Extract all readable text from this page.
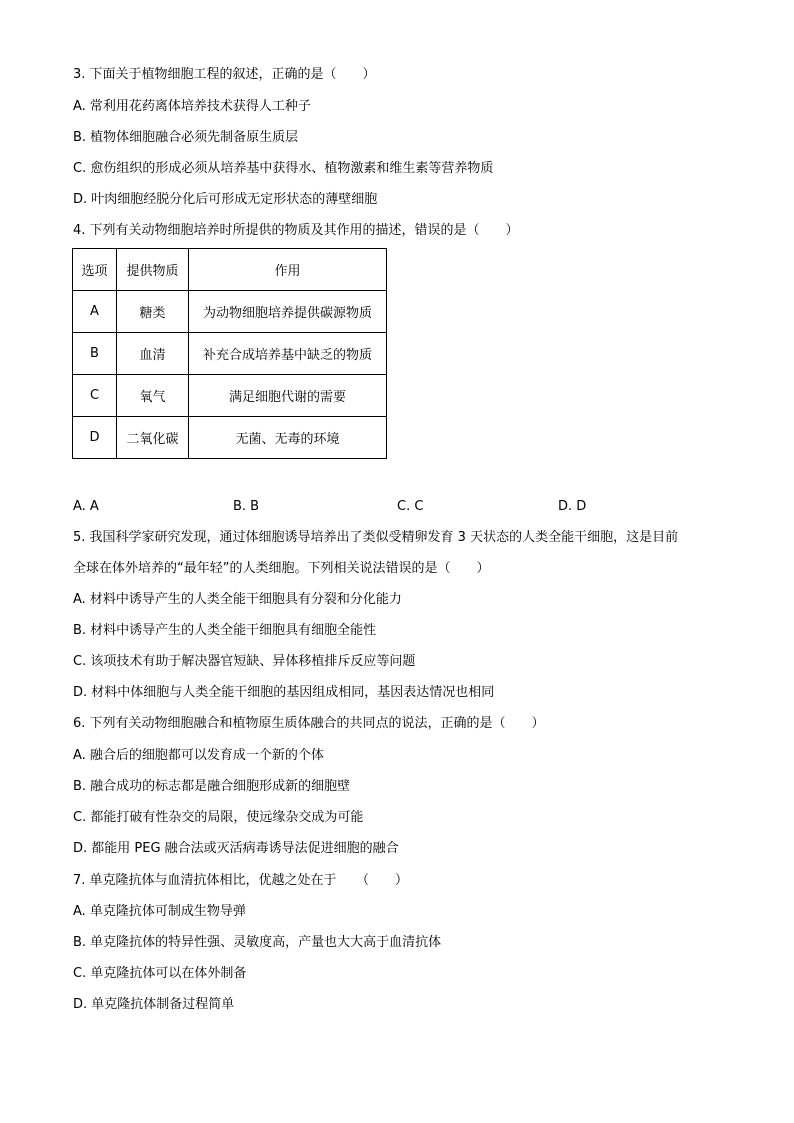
3. 下面关于植物细胞工程的叙述，正确的是（　　）
A. 常利用花药离体培养技术获得人工种子
B. 植物体细胞融合必须先制备原生质层
C. 愈伤组织的形成必须从培养基中获得水、植物激素和维生素等营养物质
D. 叶肉细胞经脱分化后可形成无定形状态的薄壁细胞
4. 下列有关动物细胞培养时所提供的物质及其作用的描述，错误的是（　　）
选项	提供物质	作用
A	糖类	为动物细胞培养提供碳源物质
B	血清	补充合成培养基中缺乏的物质
C	氧气	满足细胞代谢的需要
D	二氧化碳	无菌、无毒的环境
A. A	B. B	C. C	D. D
5. 我国科学家研究发现，通过体细胞诱导培养出了类似受精卵发育 3 天状态的人类全能干细胞，这是目前
全球在体外培养的“最年轻”的人类细胞。下列相关说法错误的是（　　）
A. 材料中诱导产生的人类全能干细胞具有分裂和分化能力
B. 材料中诱导产生的人类全能干细胞具有细胞全能性
C. 该项技术有助于解决器官短缺、异体移植排斥反应等问题
D. 材料中体细胞与人类全能干细胞的基因组成相同，基因表达情况也相同
6. 下列有关动物细胞融合和植物原生质体融合的共同点的说法，正确的是（　　）
A. 融合后的细胞都可以发育成一个新的个体
B. 融合成功的标志都是融合细胞形成新的细胞壁
C. 都能打破有性杂交的局限，使远缘杂交成为可能
D. 都能用 PEG 融合法或灭活病毒诱导法促进细胞的融合
7. 单克隆抗体与血清抗体相比，优越之处在于　　（　　）
A. 单克隆抗体可制成生物导弹
B. 单克隆抗体的特异性强、灵敏度高，产量也大大高于血清抗体
C. 单克隆抗体可以在体外制备
D. 单克隆抗体制备过程简单
